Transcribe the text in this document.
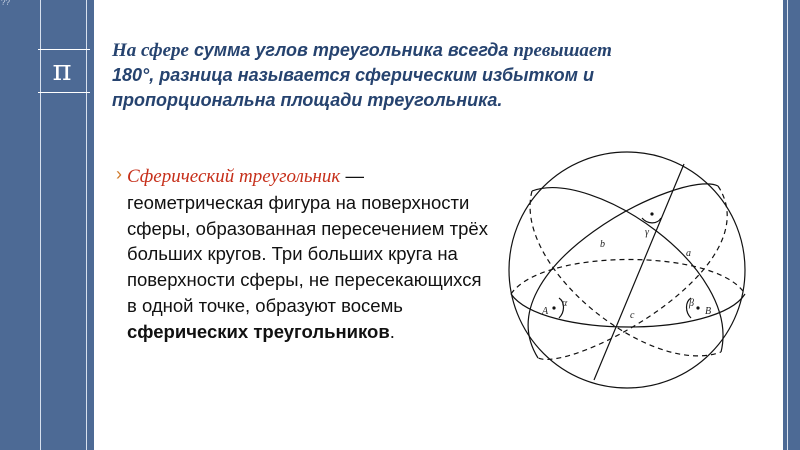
??
π
На сфере сумма углов треугольника всегда превышает
180°, разница называется сферическим избытком и пропорциональна площади треугольника.
› Сферический треугольник — геометрическая фигура на поверхности сферы, образованная пересечением трёх больших кругов. Три больших круга на поверхности сферы, не пересекающихся в одной точке, образуют восемь сферических треугольников.
A	B
α	β
γ
a
b
c
